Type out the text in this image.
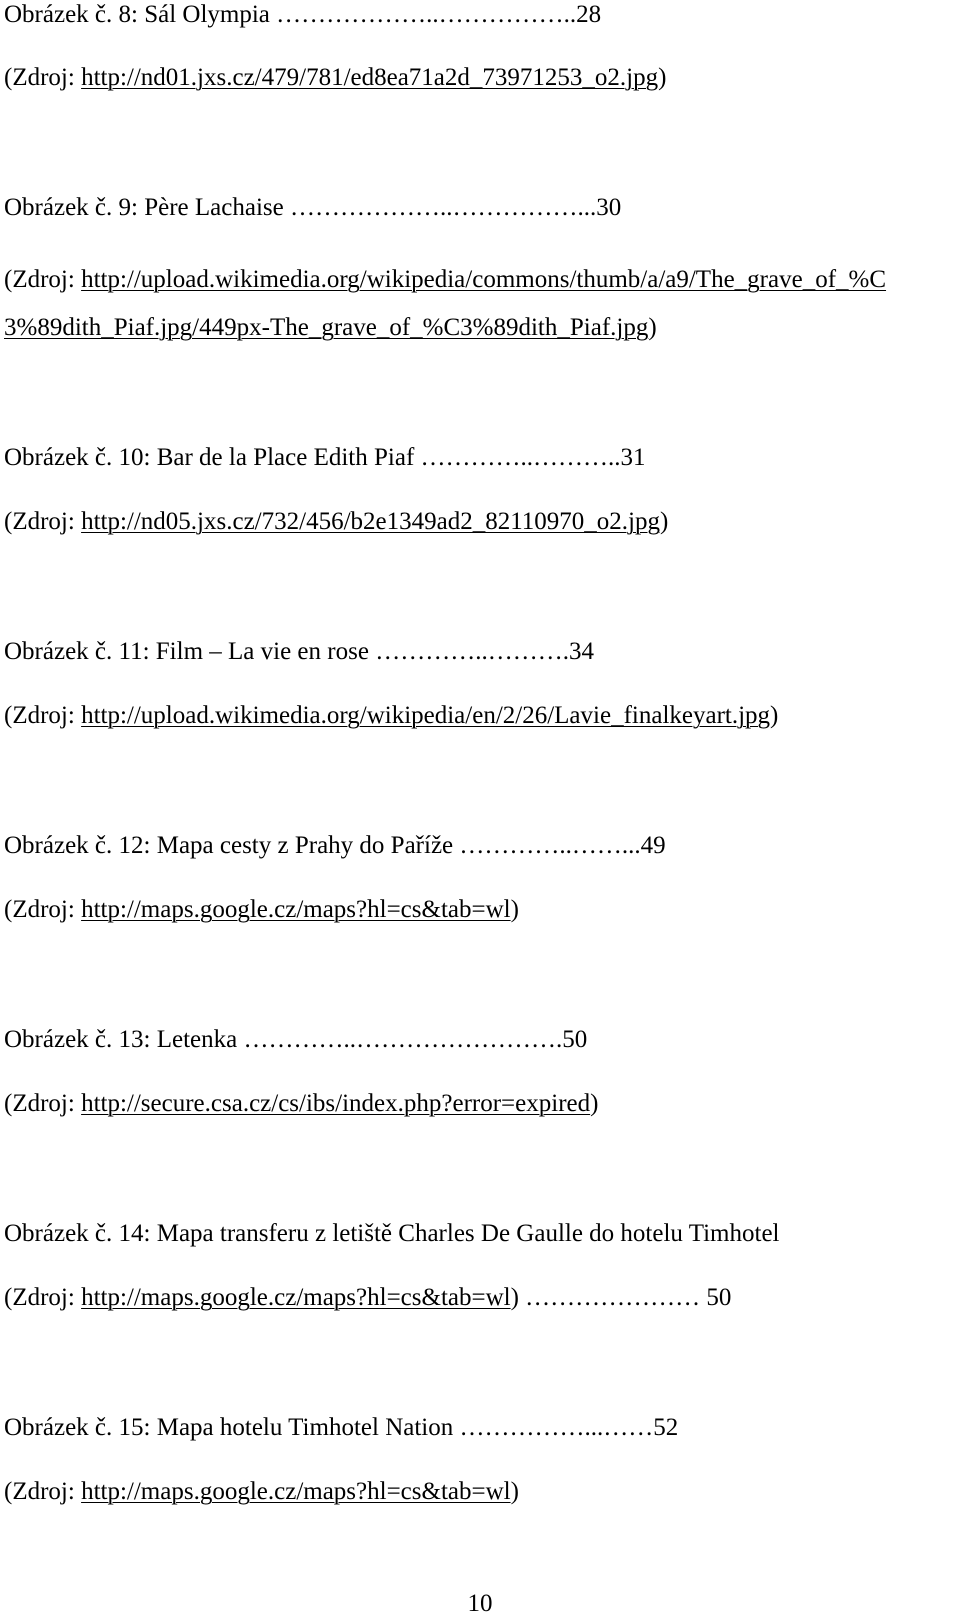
Obrázek č. 8: Sál Olympia ………………..……………..28
(Zdroj: http://nd01.jxs.cz/479/781/ed8ea71a2d_73971253_o2.jpg)
Obrázek č. 9: Père Lachaise ………………..……………...30
(Zdroj: http://upload.wikimedia.org/wikipedia/commons/thumb/a/a9/The_grave_of_%C
3%89dith_Piaf.jpg/449px-The_grave_of_%C3%89dith_Piaf.jpg)
Obrázek č. 10: Bar de la Place Edith Piaf …………..………..31
(Zdroj: http://nd05.jxs.cz/732/456/b2e1349ad2_82110970_o2.jpg)
Obrázek č. 11: Film – La vie en rose …………..……….34
(Zdroj: http://upload.wikimedia.org/wikipedia/en/2/26/Lavie_finalkeyart.jpg)
Obrázek č. 12: Mapa cesty z Prahy do Paříže …………..……...49
(Zdroj: http://maps.google.cz/maps?hl=cs&tab=wl)
Obrázek č. 13: Letenka …………..…………………….50
(Zdroj: http://secure.csa.cz/cs/ibs/index.php?error=expired)
Obrázek č. 14: Mapa transferu z letiště Charles De Gaulle do hotelu Timhotel
(Zdroj: http://maps.google.cz/maps?hl=cs&tab=wl) ………………… 50
Obrázek č. 15: Mapa hotelu Timhotel Nation ……………...……52
(Zdroj: http://maps.google.cz/maps?hl=cs&tab=wl)
10
